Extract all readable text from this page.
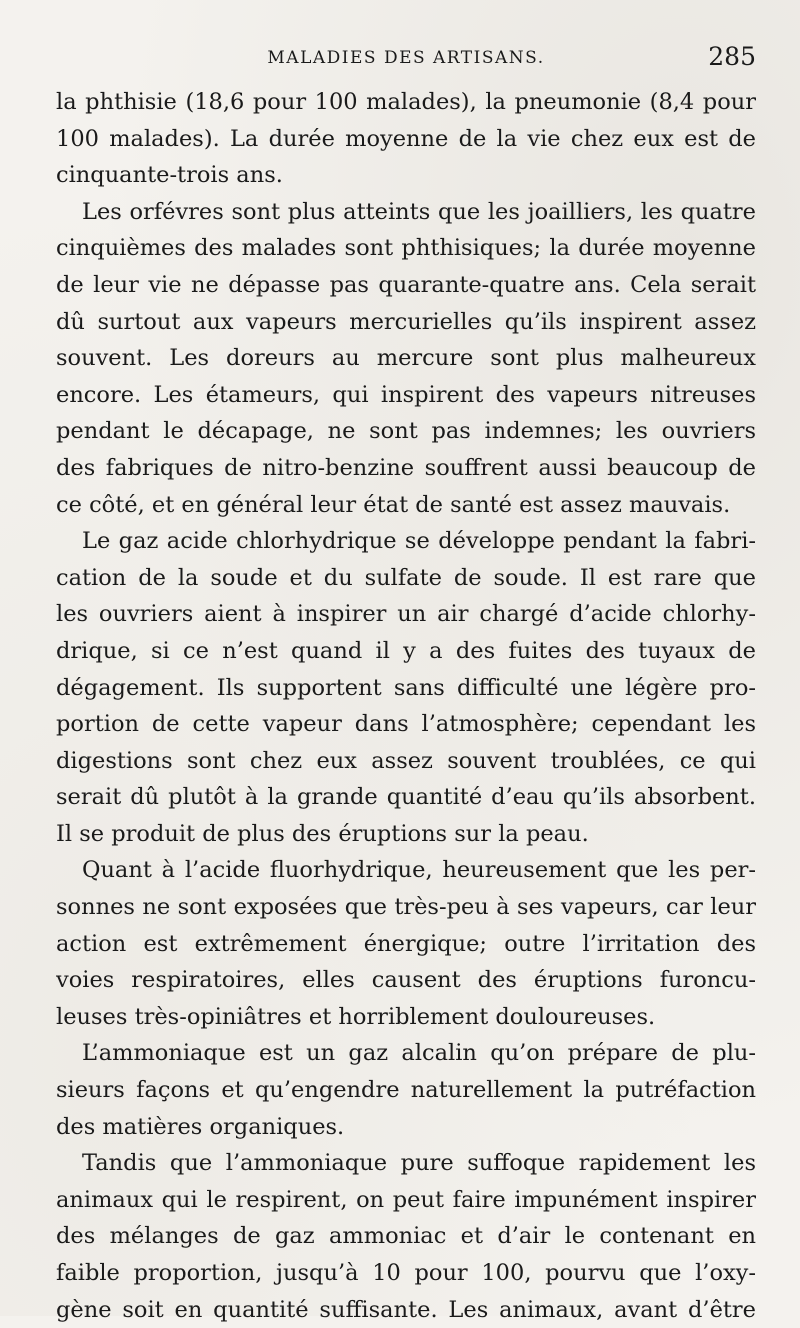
MALADIES DES ARTISANS.	285
la phthisie (18,6 pour 100 malades), la pneumonie (8,4 pour
100 malades). La durée moyenne de la vie chez eux est de
cinquante-trois ans.
Les orfévres sont plus atteints que les joailliers, les quatre
cinquièmes des malades sont phthisiques; la durée moyenne
de leur vie ne dépasse pas quarante-quatre ans. Cela serait
dû surtout aux vapeurs mercurielles qu’ils inspirent assez
souvent. Les doreurs au mercure sont plus malheureux
encore. Les étameurs, qui inspirent des vapeurs nitreuses
pendant le décapage, ne sont pas indemnes; les ouvriers
des fabriques de nitro-benzine souffrent aussi beaucoup de
ce côté, et en général leur état de santé est assez mauvais.
Le gaz acide chlorhydrique se développe pendant la fabri-
cation de la soude et du sulfate de soude. Il est rare que
les ouvriers aient à inspirer un air chargé d’acide chlorhy-
drique, si ce n’est quand il y a des fuites des tuyaux de
dégagement. Ils supportent sans difficulté une légère pro-
portion de cette vapeur dans l’atmosphère; cependant les
digestions sont chez eux assez souvent troublées, ce qui
serait dû plutôt à la grande quantité d’eau qu’ils absorbent.
Il se produit de plus des éruptions sur la peau.
Quant à l’acide fluorhydrique, heureusement que les per-
sonnes ne sont exposées que très-peu à ses vapeurs, car leur
action est extrêmement énergique; outre l’irritation des
voies respiratoires, elles causent des éruptions furoncu-
leuses très-opiniâtres et horriblement douloureuses.
L’ammoniaque est un gaz alcalin qu’on prépare de plu-
sieurs façons et qu’engendre naturellement la putréfaction
des matières organiques.
Tandis que l’ammoniaque pure suffoque rapidement les
animaux qui le respirent, on peut faire impunément inspirer
des mélanges de gaz ammoniac et d’air le contenant en
faible proportion, jusqu’à 10 pour 100, pourvu que l’oxy-
gène soit en quantité suffisante. Les animaux, avant d’être
